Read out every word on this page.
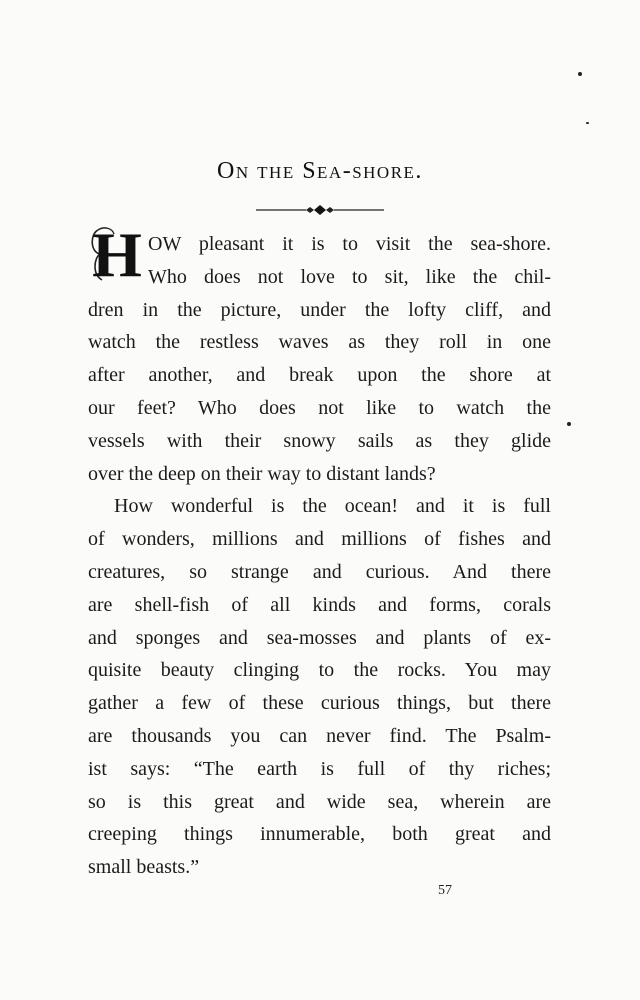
On the Sea-shore.
H OW pleasant it is to visit the sea-shore.
Who does not love to sit, like the chil-
dren in the picture, under the lofty cliff, and
watch the restless waves as they roll in one
after another, and break upon the shore at
our feet? Who does not like to watch the
vessels with their snowy sails as they glide
over the deep on their way to distant lands?
How wonderful is the ocean! and it is full
of wonders, millions and millions of fishes and
creatures, so strange and curious. And there
are shell-fish of all kinds and forms, corals
and sponges and sea-mosses and plants of ex-
quisite beauty clinging to the rocks. You may
gather a few of these curious things, but there
are thousands you can never find. The Psalm-
ist says: “The earth is full of thy riches;
so is this great and wide sea, wherein are
creeping things innumerable, both great and
small beasts.”
57
